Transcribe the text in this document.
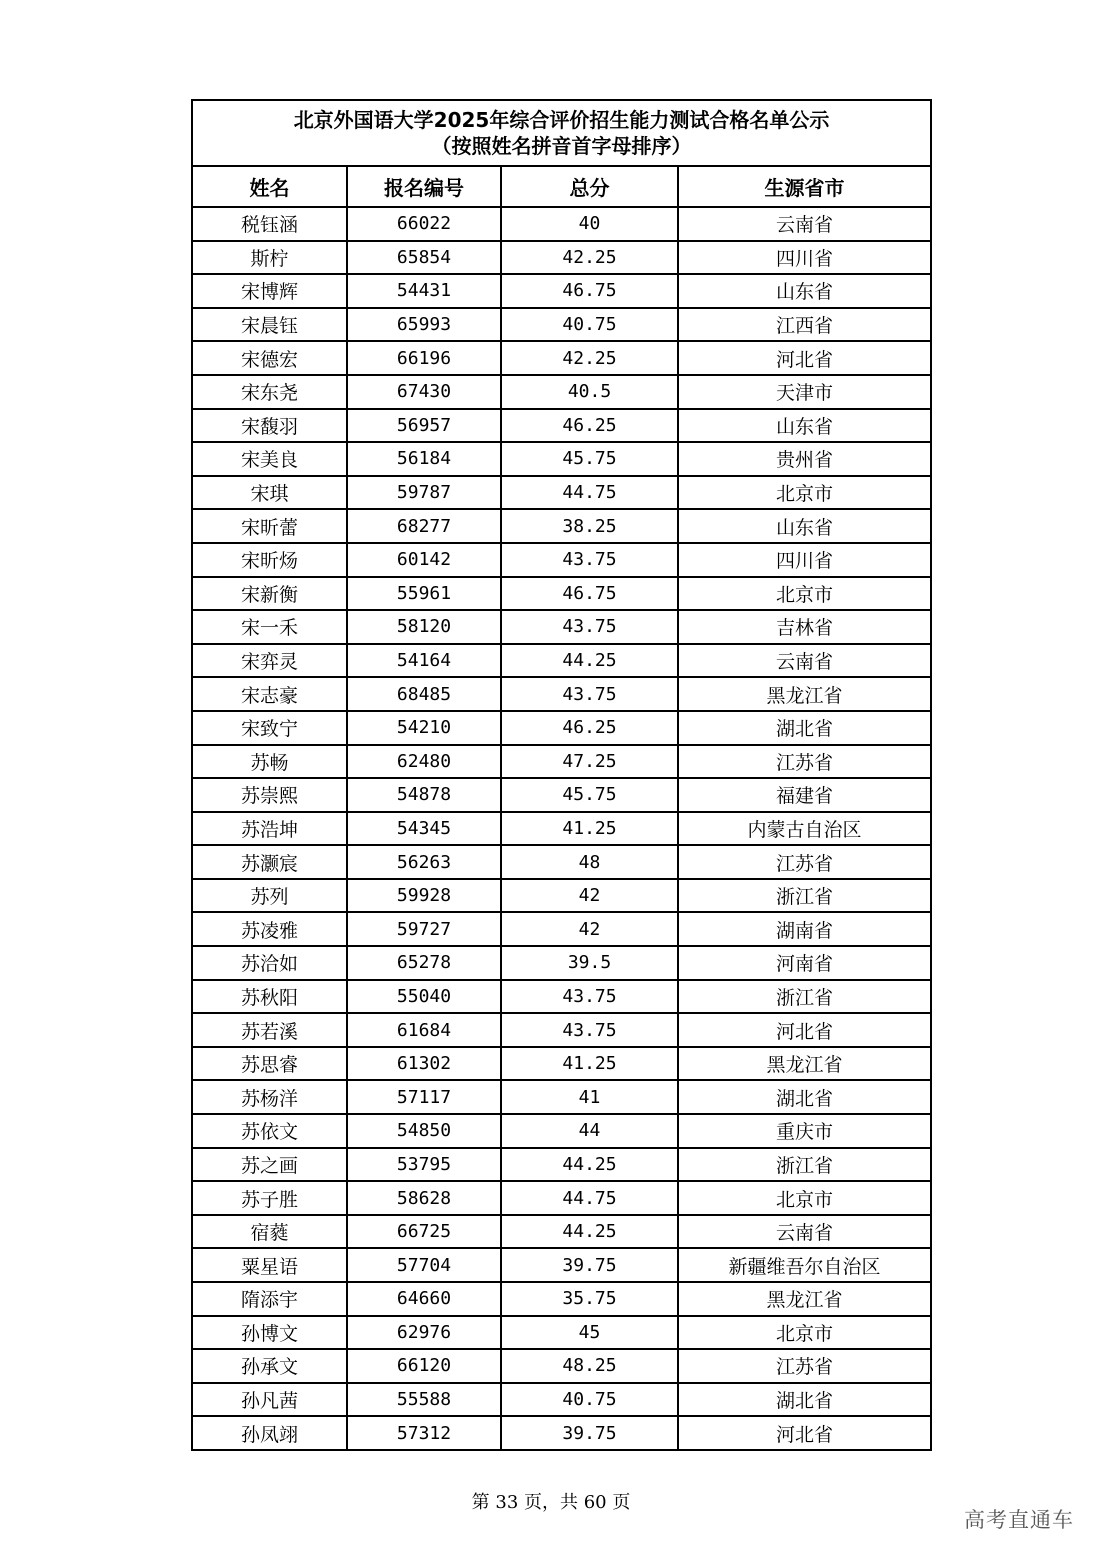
北京外国语大学2025年综合评价招生能力测试合格名单公示
（按照姓名拼音首字母排序）			

姓名	报名编号	总分	生源省市
税钰涵	66022	40	云南省
斯柠	65854	42.25	四川省
宋博辉	54431	46.75	山东省
宋晨钰	65993	40.75	江西省
宋德宏	66196	42.25	河北省
宋东尧	67430	40.5	天津市
宋馥羽	56957	46.25	山东省
宋美良	56184	45.75	贵州省
宋琪	59787	44.75	北京市
宋昕蕾	68277	38.25	山东省
宋昕炀	60142	43.75	四川省
宋新衡	55961	46.75	北京市
宋一禾	58120	43.75	吉林省
宋弈灵	54164	44.25	云南省
宋志豪	68485	43.75	黑龙江省
宋致宁	54210	46.25	湖北省
苏畅	62480	47.25	江苏省
苏崇熙	54878	45.75	福建省
苏浩坤	54345	41.25	内蒙古自治区
苏灏宸	56263	48	江苏省
苏列	59928	42	浙江省
苏凌雅	59727	42	湖南省
苏洽如	65278	39.5	河南省
苏秋阳	55040	43.75	浙江省
苏若溪	61684	43.75	河北省
苏思睿	61302	41.25	黑龙江省
苏杨洋	57117	41	湖北省
苏依文	54850	44	重庆市
苏之画	53795	44.25	浙江省
苏子胜	58628	44.75	北京市
宿蕤	66725	44.25	云南省
粟星语	57704	39.75	新疆维吾尔自治区
隋添宇	64660	35.75	黑龙江省
孙博文	62976	45	北京市
孙承文	66120	48.25	江苏省
孙凡茜	55588	40.75	湖北省
孙凤翊	57312	39.75	河北省
第 33 页，共 60 页
高考直通车
